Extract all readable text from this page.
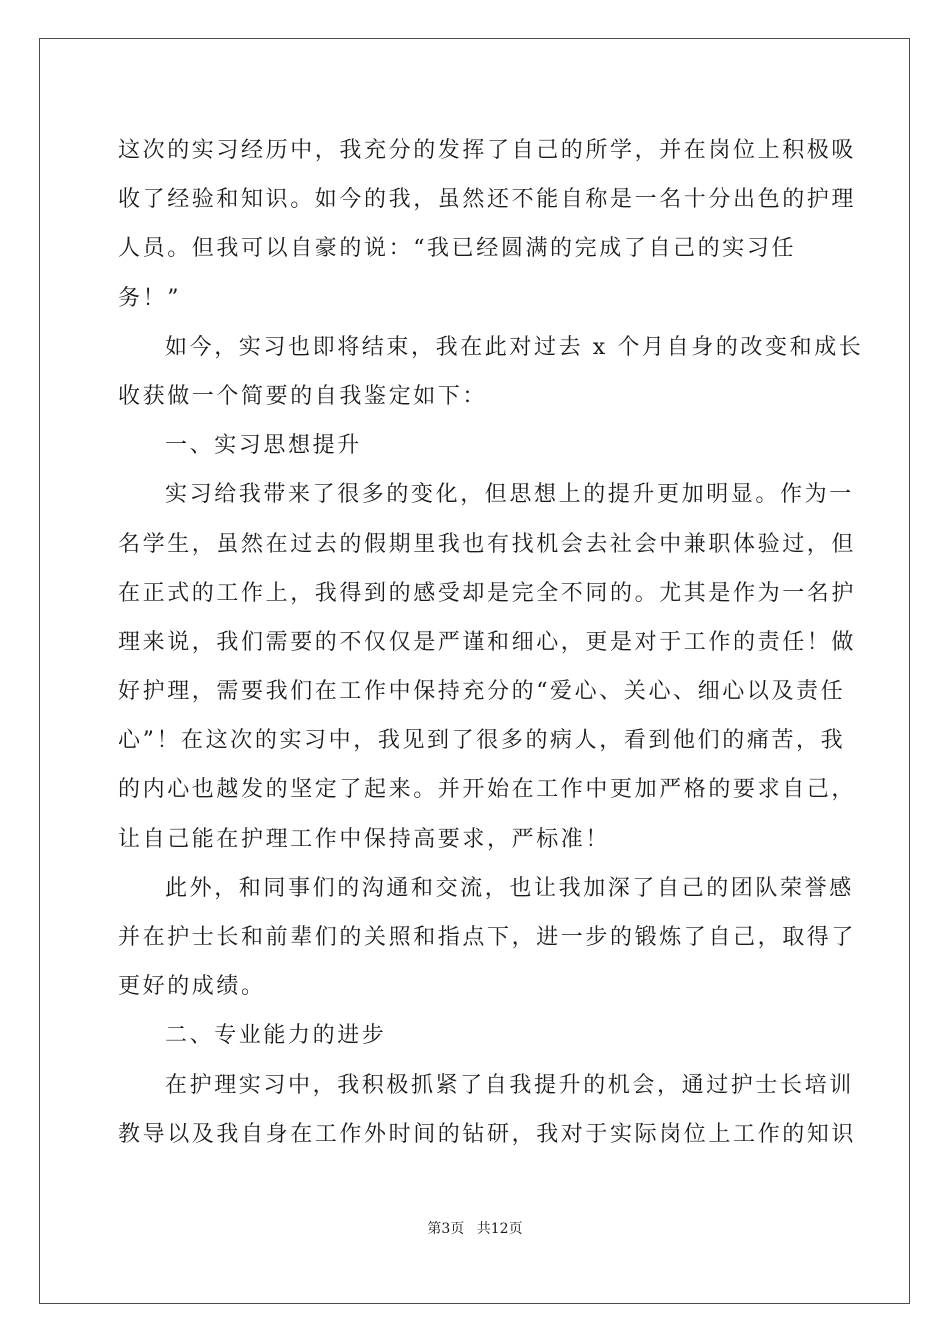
这次的实习经历中，我充分的发挥了自己的所学，并在岗位上积极吸
收了经验和知识。如今的我，虽然还不能自称是一名十分出色的护理
人员。但我可以自豪的说：“我已经圆满的完成了自己的实习任
务！”
如今，实习也即将结束，我在此对过去 x 个月自身的改变和成长
收获做一个简要的自我鉴定如下：
一、实习思想提升
实习给我带来了很多的变化，但思想上的提升更加明显。作为一
名学生，虽然在过去的假期里我也有找机会去社会中兼职体验过，但
在正式的工作上，我得到的感受却是完全不同的。尤其是作为一名护
理来说，我们需要的不仅仅是严谨和细心，更是对于工作的责任！做
好护理，需要我们在工作中保持充分的“爱心、关心、细心以及责任
心”！在这次的实习中，我见到了很多的病人，看到他们的痛苦，我
的内心也越发的坚定了起来。并开始在工作中更加严格的要求自己，
让自己能在护理工作中保持高要求，严标准！
此外，和同事们的沟通和交流，也让我加深了自己的团队荣誉感
并在护士长和前辈们的关照和指点下，进一步的锻炼了自己，取得了
更好的成绩。
二、专业能力的进步
在护理实习中，我积极抓紧了自我提升的机会，通过护士长培训
教导以及我自身在工作外时间的钻研，我对于实际岗位上工作的知识
第3页 共12页
